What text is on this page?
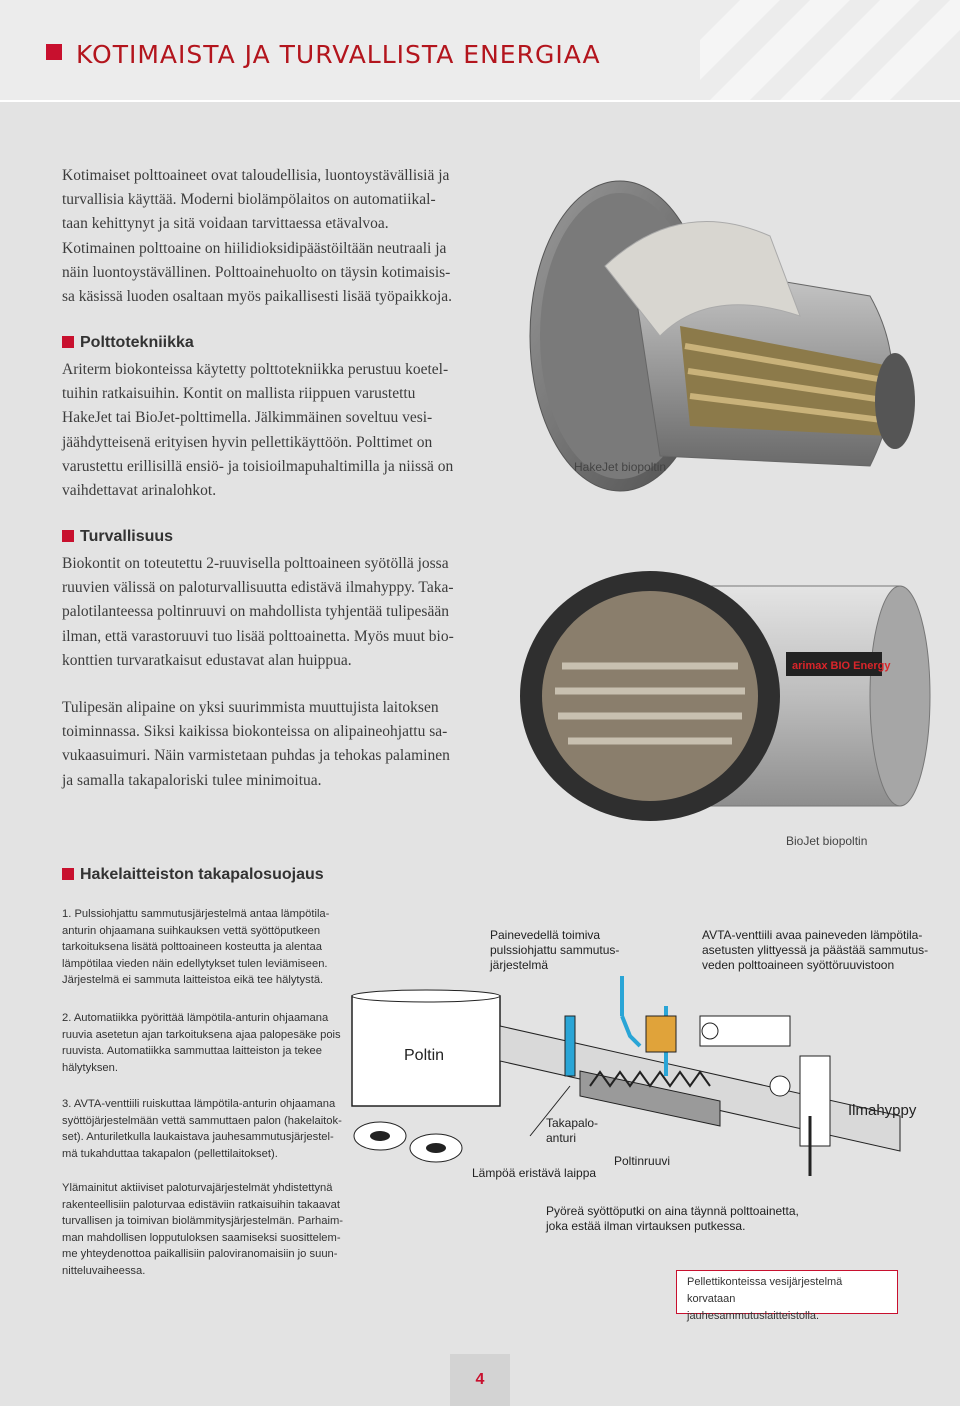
KOTIMAISTA JA TURVALLISTA ENERGIAA
Kotimaiset polttoaineet ovat taloudellisia, luontoystävällisiä ja
turvallisia käyttää. Moderni biolämpölaitos on automatiikal-
taan kehittynyt ja sitä voidaan tarvittaessa etävalvoa.
Kotimainen polttoaine on hiilidioksidipäästöiltään neutraali ja
näin luontoystävällinen. Polttoainehuolto on täysin kotimaisis-
sa käsissä luoden osaltaan myös paikallisesti lisää työpaikkoja.
Polttotekniikka
Ariterm biokonteissa käytetty polttotekniikka perustuu koetel-
tuihin ratkaisuihin. Kontit on mallista riippuen varustettu
HakeJet tai BioJet-polttimella. Jälkimmäinen soveltuu vesi-
jäähdytteisenä erityisen hyvin pellettikäyttöön. Polttimet on
varustettu erillisillä ensiö- ja toisioilmapuhaltimilla ja niissä on
vaihdettavat arinalohkot.
Turvallisuus
Biokontit on toteutettu 2-ruuvisella polttoaineen syötöllä jossa
ruuvien välissä on paloturvallisuutta edistävä ilmahyppy. Taka-
palotilanteessa poltinruuvi on mahdollista tyhjentää tulipesään
ilman, että varastoruuvi tuo lisää polttoainetta. Myös muut bio-
konttien turvaratkaisut edustavat alan huippua.
Tulipesän alipaine on yksi suurimmista muuttujista laitoksen
toiminnassa. Siksi kaikissa biokonteissa on alipaineohjattu sa-
vukaasuimuri. Näin varmistetaan puhdas ja tehokas palaminen
ja samalla takapaloriski tulee minimoitua.
HakeJet biopoltin
arimax BIO Energy
BioJet biopoltin
Hakelaitteiston takapalosuojaus
1. Pulssiohjattu sammutusjärjestelmä antaa lämpötila-
anturin ohjaamana suihkauksen vettä syöttöputkeen
tarkoituksena lisätä polttoaineen kosteutta ja alentaa
lämpötilaa vieden näin edellytykset tulen leviämiseen.
Järjestelmä ei sammuta laitteistoa eikä tee hälytystä.
2. Automatiikka pyörittää lämpötila-anturin ohjaamana
ruuvia asetetun ajan tarkoituksena ajaa palopesäke pois
ruuvista. Automatiikka sammuttaa laitteiston ja tekee
hälytyksen.
3. AVTA-venttiili ruiskuttaa lämpötila-anturin ohjaamana
syöttöjärjestelmään vettä sammuttaen palon (hakelaitok-
set). Anturiletkulla laukaistava jauhesammutusjärjestel-
mä tukahduttaa takapalon (pellettilaitokset).
Ylämainitut aktiiviset paloturvajärjestelmät yhdistettynä
rakenteellisiin paloturvaa edistäviin ratkaisuihin takaavat
turvallisen ja toimivan biolämmitysjärjestelmän. Parhaim-
man mahdollisen lopputuloksen saamiseksi suosittelem-
me yhteydenottoa paikallisiin paloviranomaisiin jo suun-
nitteluvaiheessa.
Poltin
Ilmahyppy
Painevedellä toimiva
pulssiohjattu sammutus-
järjestelmä
AVTA-venttiili avaa paineveden lämpötila-
asetusten ylittyessä ja päästää sammutus-
veden polttoaineen syöttöruuvistoon
Takapalo-
anturi
Poltinruuvi
Lämpöä eristävä laippa
Pyöreä syöttöputki on aina täynnä polttoainetta,
joka estää ilman virtauksen putkessa.
Pellettikonteissa vesijärjestelmä korvataan
jauhesammutuslaitteistolla.
4
